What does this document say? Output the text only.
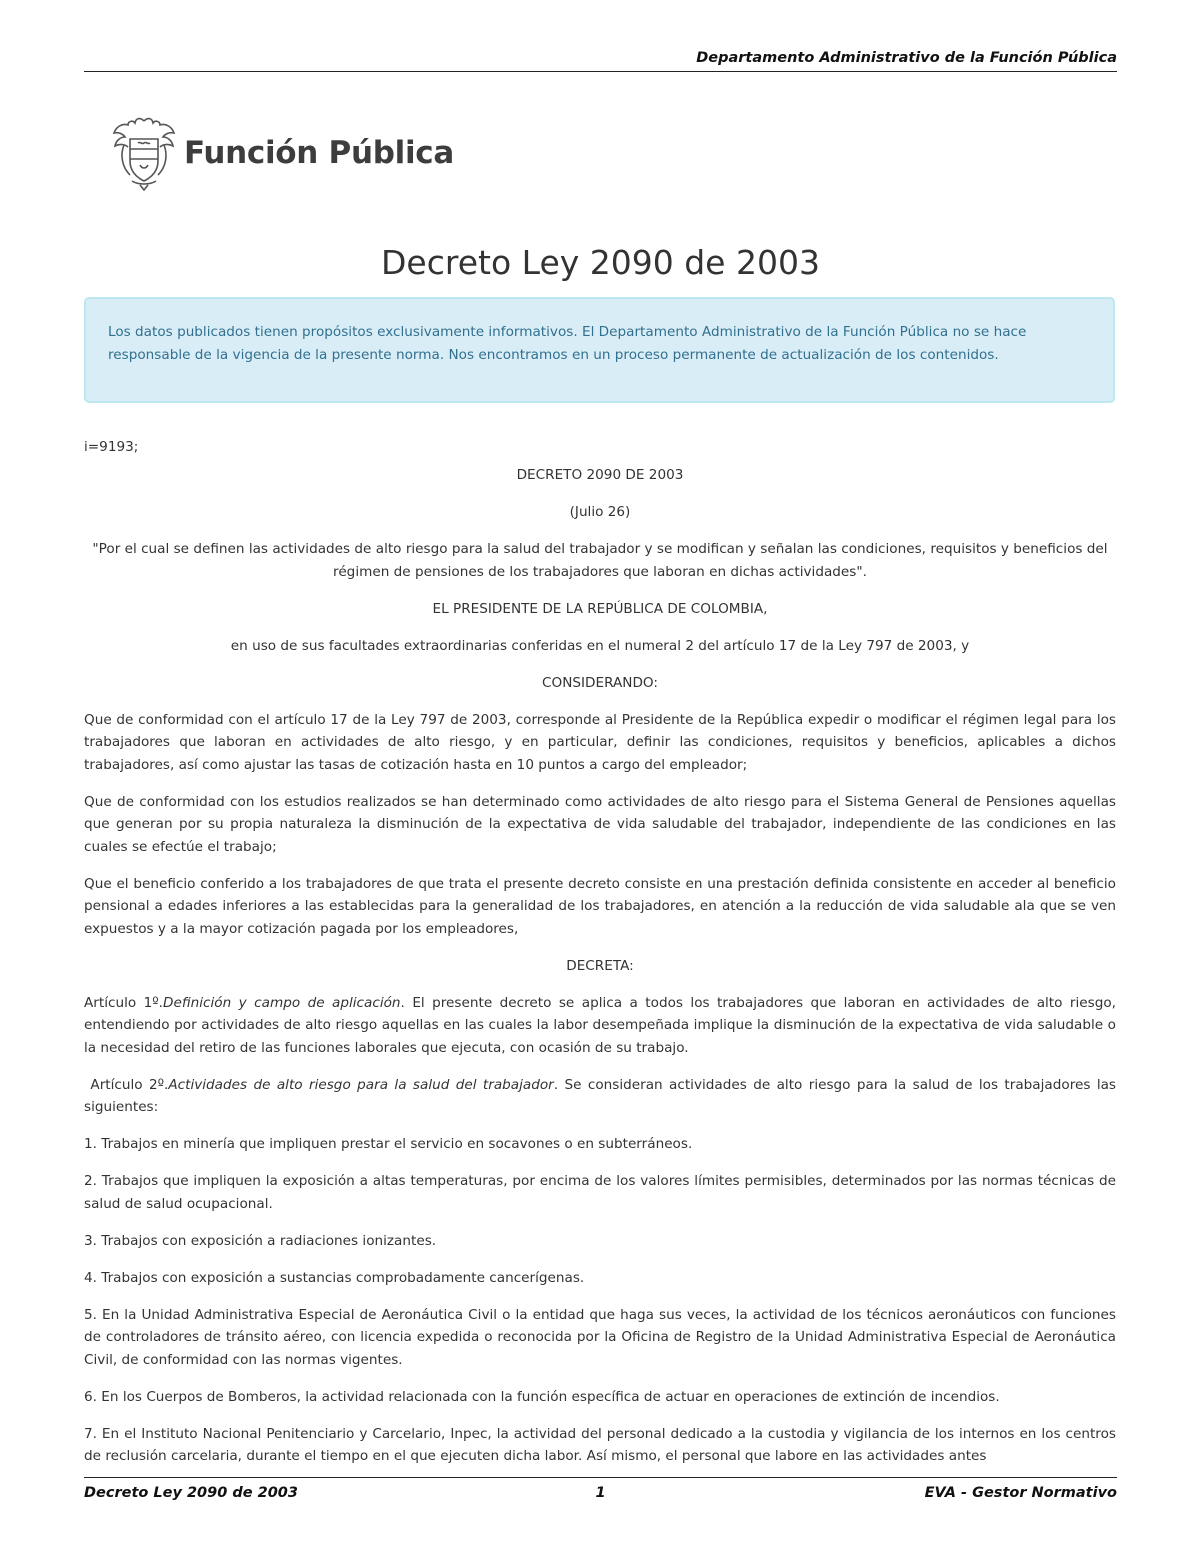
Departamento Administrativo de la Función Pública
Función Pública
Decreto Ley 2090 de 2003
Los datos publicados tienen propósitos exclusivamente informativos. El Departamento Administrativo de la Función Pública no se hace responsable de la vigencia de la presente norma. Nos encontramos en un proceso permanente de actualización de los contenidos.

i=9193;

DECRETO 2090 DE 2003

(Julio 26)

"Por el cual se definen las actividades de alto riesgo para la salud del trabajador y se modifican y señalan las condiciones, requisitos y beneficios del régimen de pensiones de los trabajadores que laboran en dichas actividades".

EL PRESIDENTE DE LA REPÚBLICA DE COLOMBIA,

en uso de sus facultades extraordinarias conferidas en el numeral 2 del artículo 17 de la Ley 797 de 2003, y

CONSIDERANDO:

Que de conformidad con el artículo 17 de la Ley 797 de 2003, corresponde al Presidente de la República expedir o modificar el régimen legal para los trabajadores que laboran en actividades de alto riesgo, y en particular, definir las condiciones, requisitos y beneficios, aplicables a dichos trabajadores, así como ajustar las tasas de cotización hasta en 10 puntos a cargo del empleador;

Que de conformidad con los estudios realizados se han determinado como actividades de alto riesgo para el Sistema General de Pensiones aquellas que generan por su propia naturaleza la disminución de la expectativa de vida saludable del trabajador, independiente de las condiciones en las cuales se efectúe el trabajo;

Que el beneficio conferido a los trabajadores de que trata el presente decreto consiste en una prestación definida consistente en acceder al beneficio pensional a edades inferiores a las establecidas para la generalidad de los trabajadores, en atención a la reducción de vida saludable ala que se ven expuestos y a la mayor cotización pagada por los empleadores,

DECRETA:

Artículo 1º.Definición y campo de aplicación. El presente decreto se aplica a todos los trabajadores que laboran en actividades de alto riesgo, entendiendo por actividades de alto riesgo aquellas en las cuales la labor desempeñada implique la disminución de la expectativa de vida saludable o la necesidad del retiro de las funciones laborales que ejecuta, con ocasión de su trabajo.

Artículo 2º.Actividades de alto riesgo para la salud del trabajador. Se consideran actividades de alto riesgo para la salud de los trabajadores las siguientes:

1. Trabajos en minería que impliquen prestar el servicio en socavones o en subterráneos.

2. Trabajos que impliquen la exposición a altas temperaturas, por encima de los valores límites permisibles, determinados por las normas técnicas de salud de salud ocupacional.

3. Trabajos con exposición a radiaciones ionizantes.

4. Trabajos con exposición a sustancias comprobadamente cancerígenas.

5. En la Unidad Administrativa Especial de Aeronáutica Civil o la entidad que haga sus veces, la actividad de los técnicos aeronáuticos con funciones de controladores de tránsito aéreo, con licencia expedida o reconocida por la Oficina de Registro de la Unidad Administrativa Especial de Aeronáutica Civil, de conformidad con las normas vigentes.

6. En los Cuerpos de Bomberos, la actividad relacionada con la función específica de actuar en operaciones de extinción de incendios.

7. En el Instituto Nacional Penitenciario y Carcelario, Inpec, la actividad del personal dedicado a la custodia y vigilancia de los internos en los centros de reclusión carcelaria, durante el tiempo en el que ejecuten dicha labor. Así mismo, el personal que labore en las actividades antes

Decreto Ley 2090 de 2003	1	EVA - Gestor Normativo
